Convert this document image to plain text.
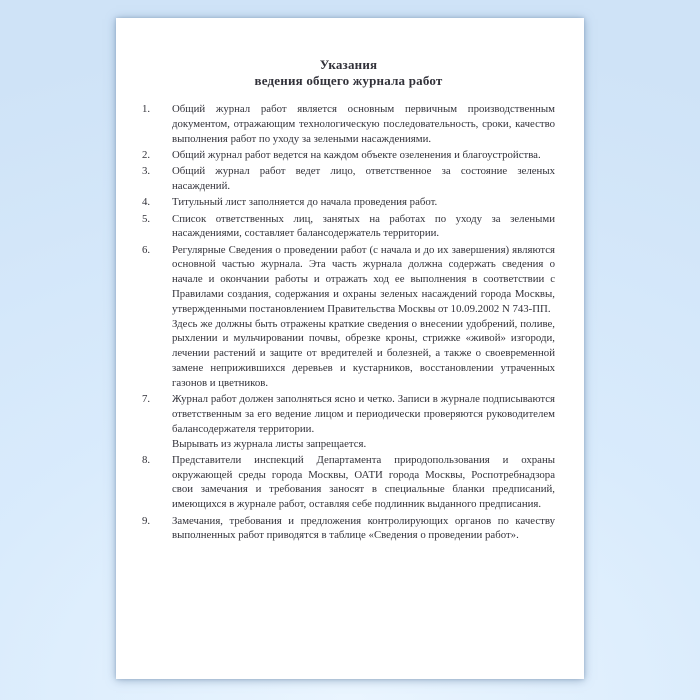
Указания
ведения общего журнала работ
1.	Общий журнал работ является основным первичным производственным документом, отражающим технологическую последовательность, сроки, качество выполнения работ по уходу за зелеными насаждениями.

2.	Общий журнал работ ведется на каждом объекте озеленения и благоустройства.

3.	Общий журнал работ ведет лицо, ответственное за состояние зеленых насаждений.

4.	Титульный лист заполняется до начала проведения работ.

5.	Список ответственных лиц, занятых на работах по уходу за зелеными насаждениями, составляет балансодержатель территории.

6.	Регулярные Сведения о проведении работ (с начала и до их завершения) являются основной частью журнала. Эта часть журнала должна содержать сведения о начале и окончании работы и отражать ход ее выполнения в соответствии с Правилами создания, содержания и охраны зеленых насаждений города Москвы, утвержденными постановлением Правительства Москвы от 10.09.2002 N 743-ПП.

Здесь же должны быть отражены краткие сведения о внесении удобрений, поливе, рыхлении и мульчировании почвы, обрезке кроны, стрижке «живой» изгороди, лечении растений и защите от вредителей и болезней, а также о своевременной замене неприжившихся деревьев и кустарников, восстановлении утраченных газонов и цветников.

7.	Журнал работ должен заполняться ясно и четко. Записи в журнале подписываются ответственным за его ведение лицом и периодически проверяются руководителем балансодержателя территории.

Вырывать из журнала листы запрещается.

8.	Представители инспекций Департамента природопользования и охраны окружающей среды города Москвы, ОАТИ города Москвы, Роспотребнадзора свои замечания и требования заносят в специальные бланки предписаний, имеющихся в журнале работ, оставляя себе подлинник выданного предписания.

9.	Замечания, требования и предложения контролирующих органов по качеству выполненных работ приводятся в таблице «Сведения о проведении работ».
